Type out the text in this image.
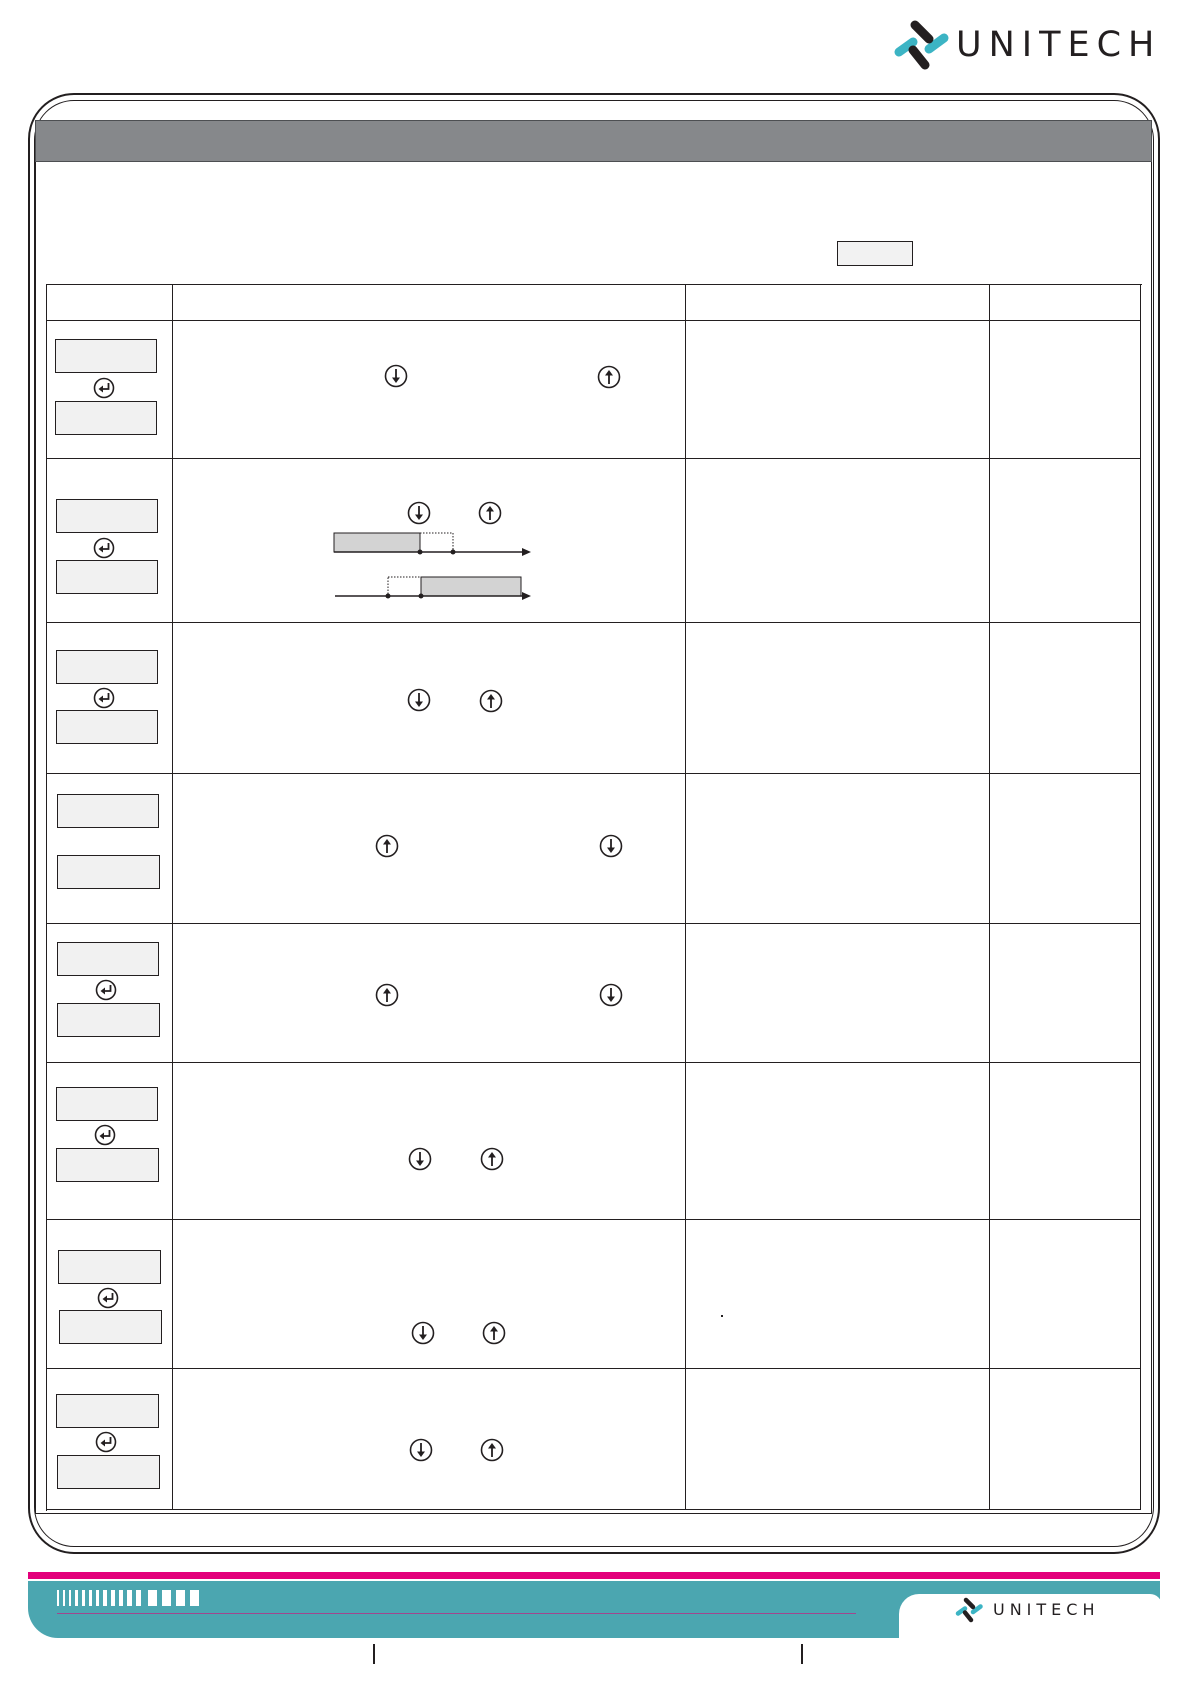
UNITECH
UNITECH
